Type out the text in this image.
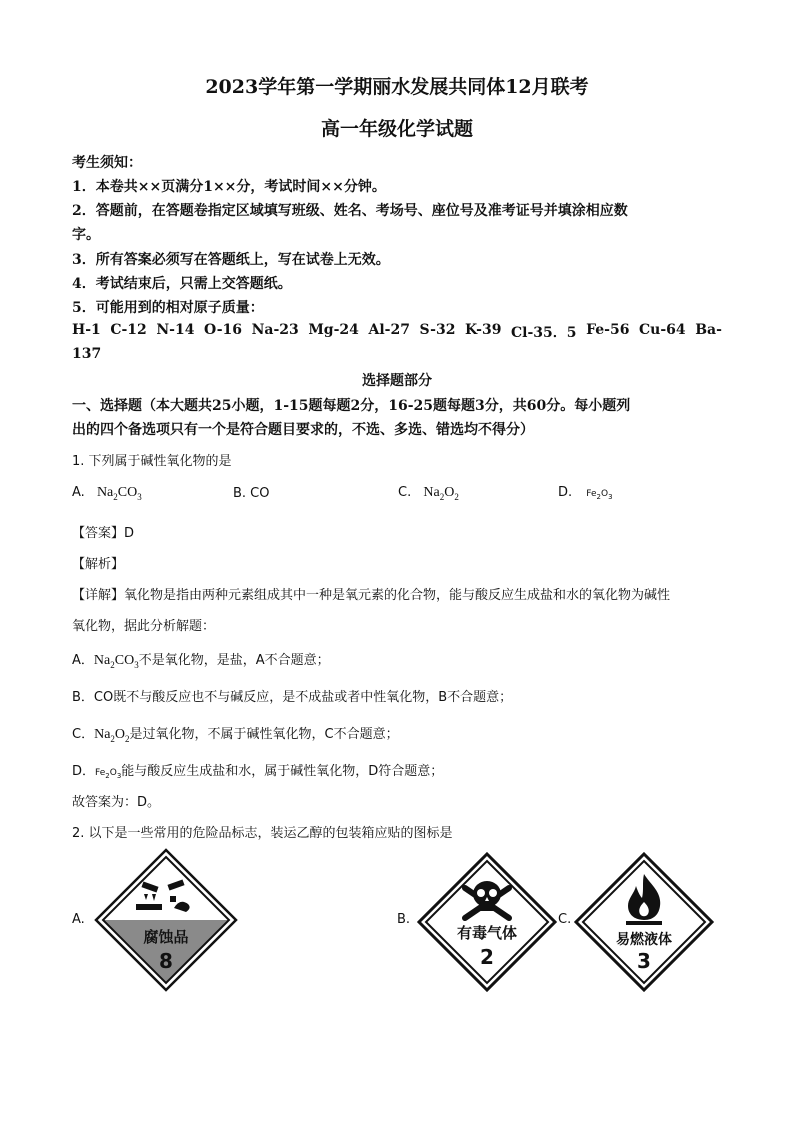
2023学年第一学期丽水发展共同体12月联考
高一年级化学试题
考生须知：
1．本卷共××页满分1××分，考试时间××分钟。
2．答题前，在答题卷指定区域填写班级、姓名、考场号、座位号及准考证号并填涂相应数
字。
3．所有答案必须写在答题纸上，写在试卷上无效。
4．考试结束后，只需上交答题纸。
5．可能用到的相对原子质量：
H-1 C-12 N-14 O-16 Na-23 Mg-24 Al-27 S-32 K-39 Cl-35．5 Fe-56 Cu-64 Ba-
137
选择题部分
一、选择题（本大题共25小题，1-15题每题2分，16-25题每题3分，共60分。每小题列
出的四个备选项只有一个是符合题目要求的，不选、多选、错选均不得分）
1. 下列属于碱性氧化物的是
A. $Na_2CO_3$	B. CO	C. $Na_2O_2$	D. $Fe_2O_3$
【答案】D
【解析】
【详解】氧化物是指由两种元素组成其中一种是氧元素的化合物，能与酸反应生成盐和水的氧化物为碱性
氧化物，据此分析解题：
A．$Na_2CO_3$不是氧化物，是盐，A不合题意；
B．CO既不与酸反应也不与碱反应，是不成盐或者中性氧化物，B不合题意；
C．$Na_2O_2$是过氧化物，不属于碱性氧化物，C不合题意；
D．$Fe_2O_3$能与酸反应生成盐和水，属于碱性氧化物，D符合题意；
故答案为：D。
2. 以下是一些常用的危险品标志，装运乙醇的包装箱应贴的图标是
A.	B.	C.
腐蚀品
8
有毒气体
2
易燃液体
3
